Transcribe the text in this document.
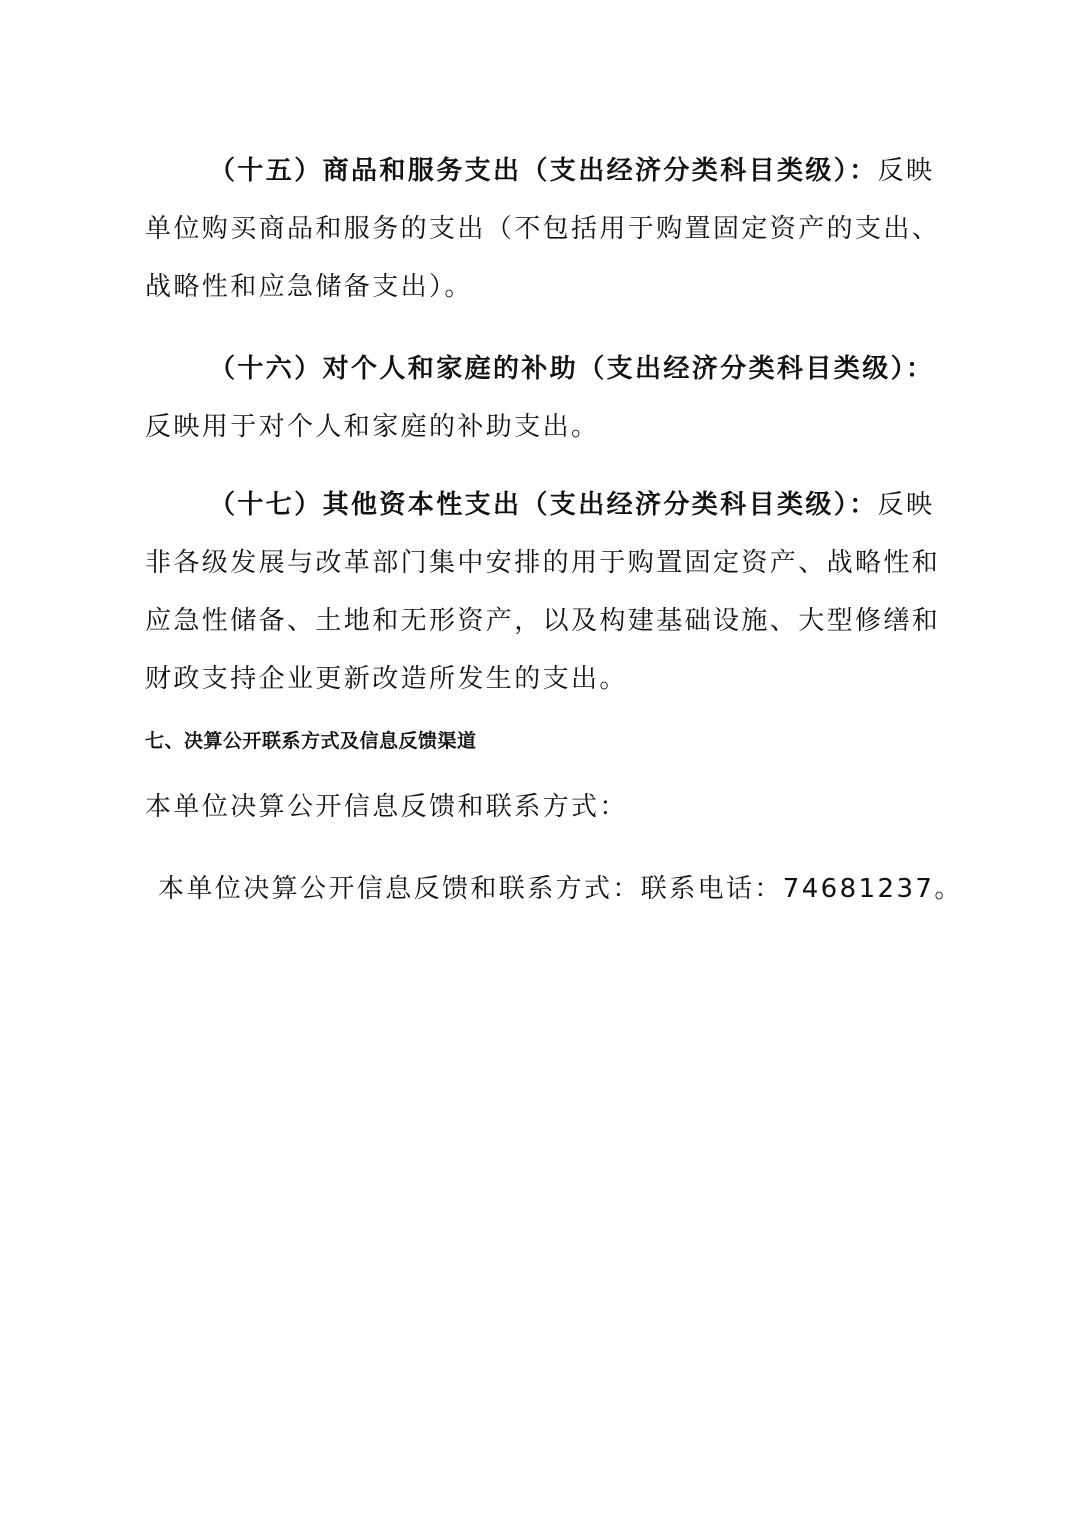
（十五）商品和服务支出（支出经济分类科目类级）：反映单位购买商品和服务的支出（不包括用于购置固定资产的支出、战略性和应急储备支出）。

（十六）对个人和家庭的补助（支出经济分类科目类级）：反映用于对个人和家庭的补助支出。

（十七）其他资本性支出（支出经济分类科目类级）：反映非各级发展与改革部门集中安排的用于购置固定资产、战略性和应急性储备、土地和无形资产，以及构建基础设施、大型修缮和财政支持企业更新改造所发生的支出。

七、决算公开联系方式及信息反馈渠道

本单位决算公开信息反馈和联系方式：

本单位决算公开信息反馈和联系方式：联系电话：74681237。
